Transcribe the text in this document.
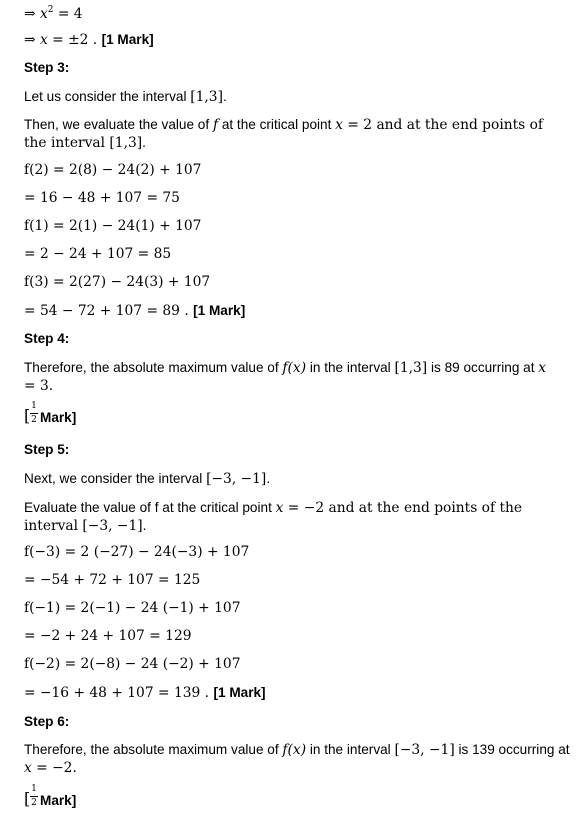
⇒ $x^2 = 4$
⇒ x = ±2 . [1 Mark]
Step 3:
Let us consider the interval [1,3].
Then, we evaluate the value of f at the critical point x = 2 and at the end points of the interval [1,3].
f(2) = 2(8) − 24(2) + 107
= 16 − 48 + 107 = 75
f(1) = 2(1) − 24(1) + 107
= 2 − 24 + 107 = 85
f(3) = 2(27) − 24(3) + 107
= 54 − 72 + 107 = 89 . [1 Mark]
Step 4:
Therefore, the absolute maximum value of f(x) in the interval [1,3] is 89 occurring at x = 3.
[ 1
2 Mark]
Step 5:
Next, we consider the interval [−3, −1].
Evaluate the value of f at the critical point x = −2 and at the end points of the interval [−3, −1].
f(−3) = 2 (−27) − 24(−3) + 107
= −54 + 72 + 107 = 125
f(−1) = 2(−1) − 24 (−1) + 107
= −2 + 24 + 107 = 129
f(−2) = 2(−8) − 24 (−2) + 107
= −16 + 48 + 107 = 139 . [1 Mark]
Step 6:
Therefore, the absolute maximum value of f(x) in the interval [−3, −1] is 139 occurring at x = −2.
[ 1
2 Mark]
